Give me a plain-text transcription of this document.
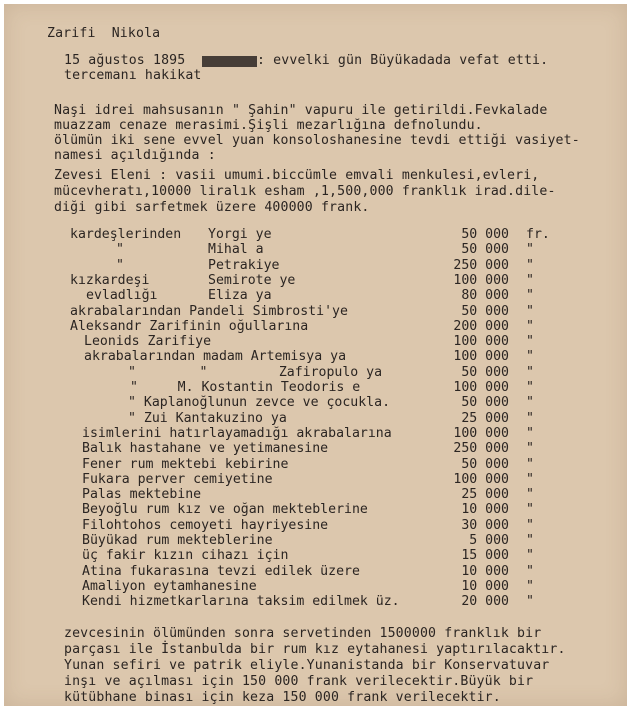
Zarifi  Nikola
15 ağustos 1895	: evvelki gün Büyükadada vefat etti.
tercemanı hakikat
Naşi idrei mahsusanın " Şahin" vapuru ile getirildi.Fevkalade
muazzam cenaze merasimi.Şişli mezarlığına defnolundu.
ölümün iki sene evvel yuan konsoloshanesine tevdi ettiği vasiyet-
namesi açıldığında :
Zevesi Eleni : vasii umumi.biccümle emvali menkulesi,evleri,
mücevheratı,10000 liralık esham ,1,500,000 franklık irad.dile-
diği gibi sarfetmek üzere 400000 frank.
kardeşlerinden Yorgi ye	50 000 fr.
"	Mihal a	50 000 "
"	Petrakiye	250 000 "
kızkardeşi	Semirote ye	100 000 "
evladlığı	Eliza ya	80 000 "
akrabalarından Pandeli Simbrosti'ye	50 000 "
Aleksandr Zarifinin oğullarına	200 000 "
Leonids Zarifiye	100 000 "
akrabalarından madam Artemisya ya	100 000 "
"        "         Zafiropulo ya	50 000 "
"     M. Kostantin Teodoris e	100 000 "
" Kaplanoğlunun zevce ve çocukla.	50 000 "
" Zui Kantakuzino ya	25 000 "
isimlerini hatırlayamadığı akrabalarına	100 000 "
Balık hastahane ve yetimanesine	250 000 "
Fener rum mektebi kebirine	50 000 "
Fukara perver cemiyetine	100 000 "
Palas mektebine	25 000 "
Beyoğlu rum kız ve oğan mekteblerine	10 000 "
Filohtohos cemoyeti hayriyesine	30 000 "
Büyükad rum mekteblerine	5 000 "
üç fakir kızın cihazı için	15 000 "
Atina fukarasına tevzi edilek üzere	10 000 "
Amaliyon eytamhanesine	10 000 "
Kendi hizmetkarlarına taksim edilmek üz.	20 000 "
zevcesinin ölümünden sonra servetinden 1500000 franklık bir
parçası ile İstanbulda bir rum kız eytahanesi yaptırılacaktır.
Yunan sefiri ve patrik eliyle.Yunanistanda bir Konservatuvar
inşı ve açılması için 150 000 frank verilecektir.Büyük bir
kütübhane binası için keza 150 000 frank verilecektir.
